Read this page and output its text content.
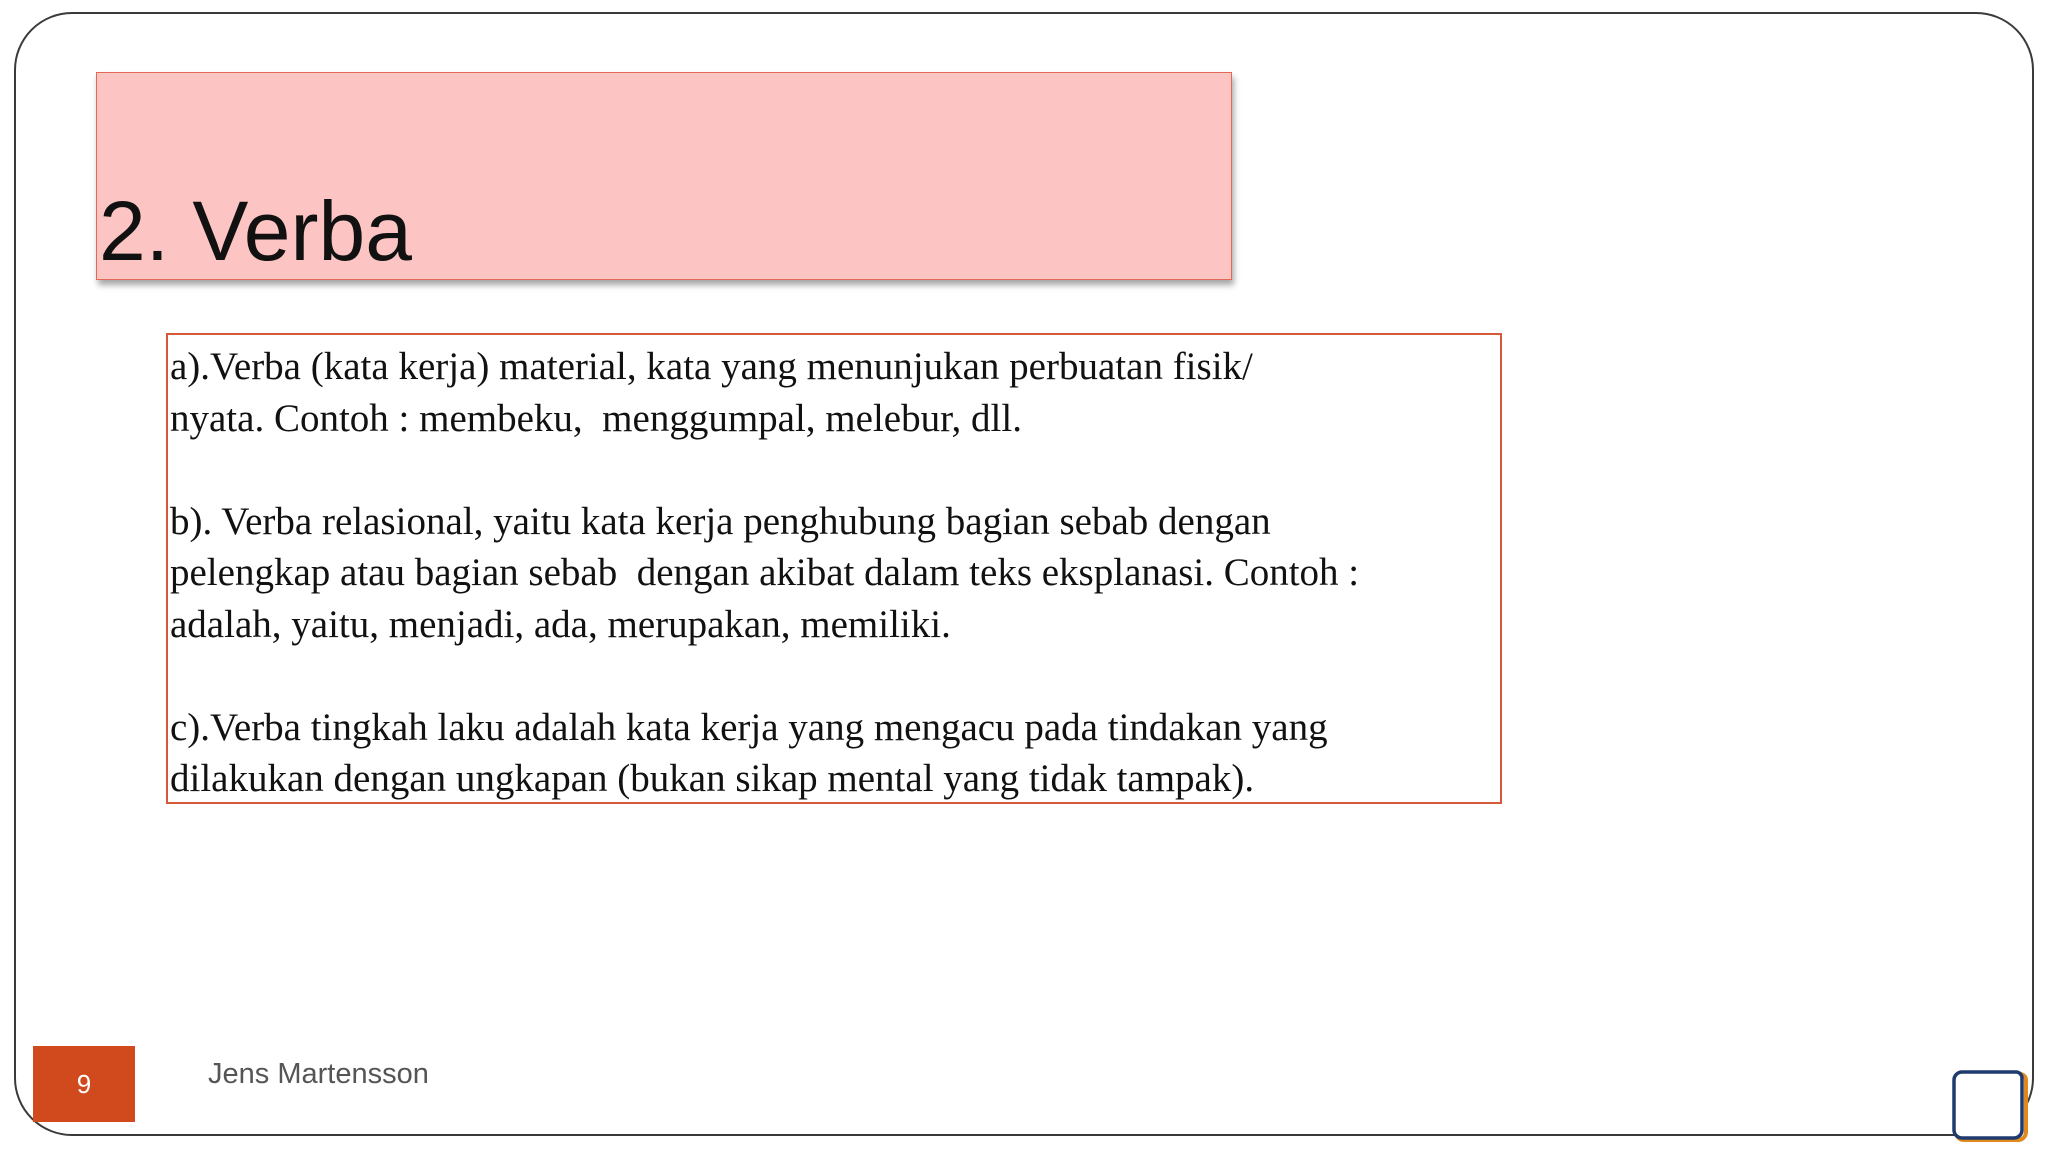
2. Verba

a).Verba (kata kerja) material, kata yang menunjukan perbuatan fisik/

nyata. Contoh : membeku,  menggumpal, melebur, dll.

b). Verba relasional, yaitu kata kerja penghubung bagian sebab dengan

pelengkap atau bagian sebab  dengan akibat dalam teks eksplanasi. Contoh :

adalah, yaitu, menjadi, ada, merupakan, memiliki.

c).Verba tingkah laku adalah kata kerja yang mengacu pada tindakan yang

dilakukan dengan ungkapan (bukan sikap mental yang tidak tampak).

9	Jens Martensson
